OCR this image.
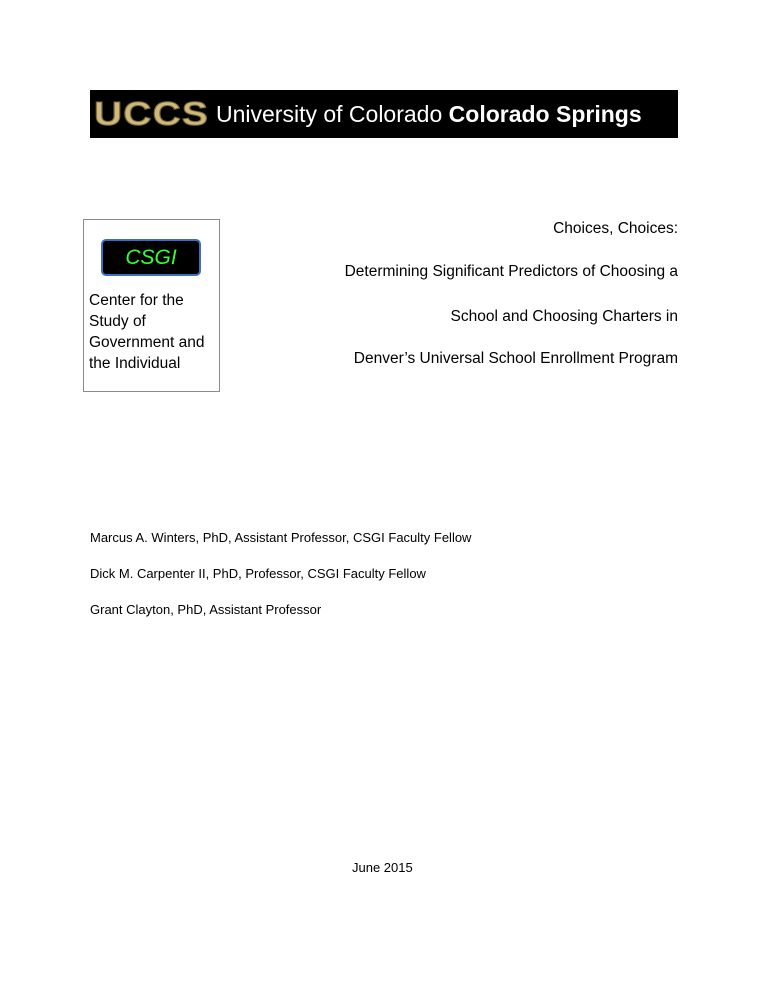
UCCS University of Colorado Colorado Springs
CSGI
Center for the
Study of
Government and
the Individual
Choices, Choices:
Determining Significant Predictors of Choosing a
School and Choosing Charters in
Denver’s Universal School Enrollment Program
Marcus A. Winters, PhD, Assistant Professor, CSGI Faculty Fellow
Dick M. Carpenter II, PhD, Professor, CSGI Faculty Fellow
Grant Clayton, PhD, Assistant Professor
June 2015
